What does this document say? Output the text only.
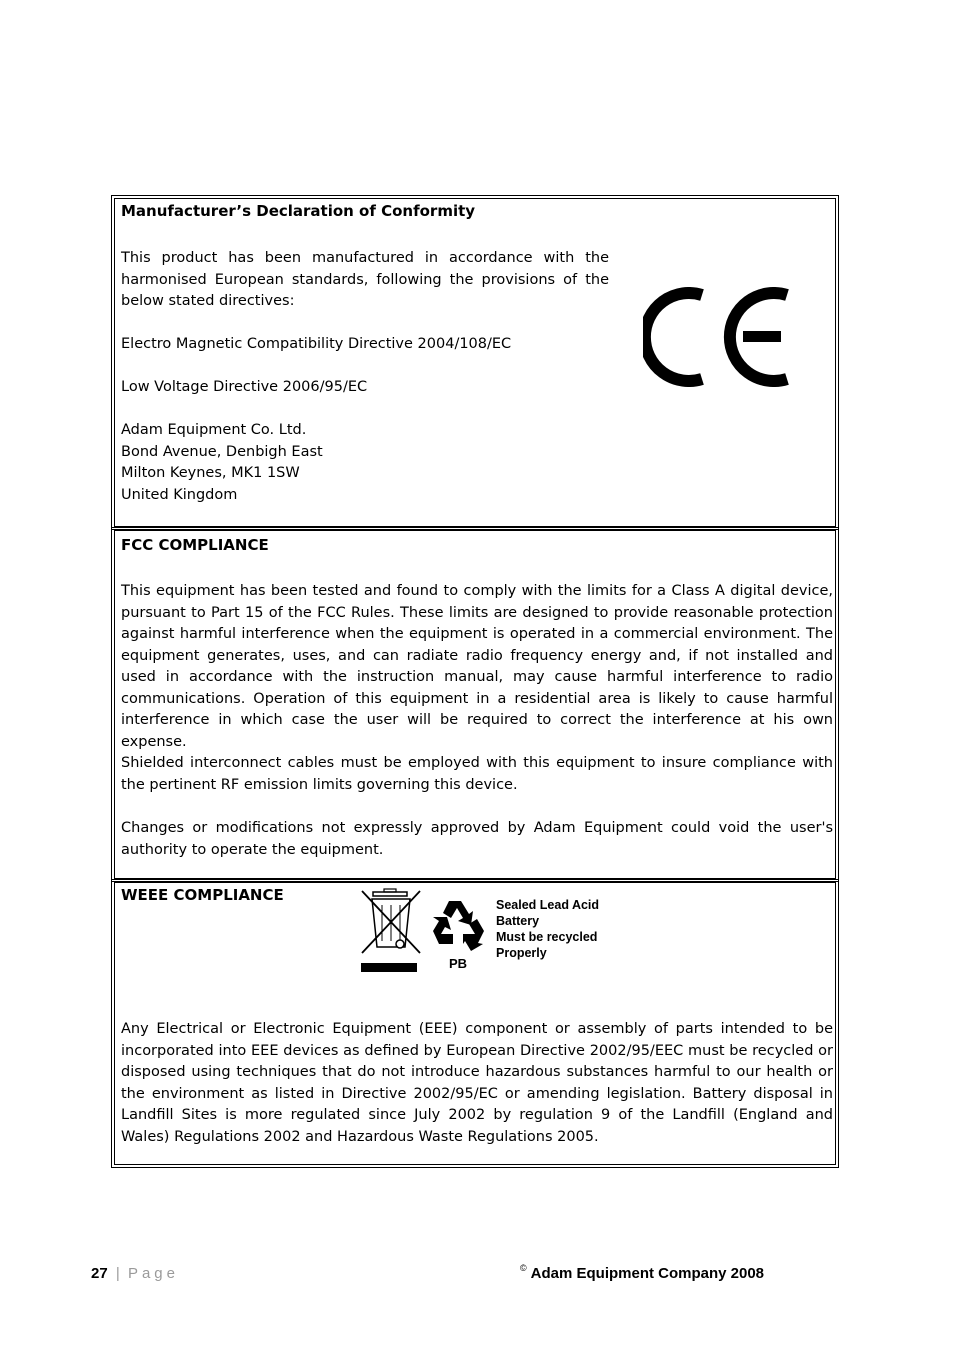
Manufacturer’s Declaration of Conformity
This product has been manufactured in accordance with the harmonised European standards, following the provisions of the below stated directives:
Electro Magnetic Compatibility Directive 2004/108/EC
Low Voltage Directive 2006/95/EC
Adam Equipment Co. Ltd.
Bond Avenue, Denbigh East
Milton Keynes, MK1 1SW
United Kingdom
FCC COMPLIANCE
This equipment has been tested and found to comply with the limits for a Class A digital device, pursuant to Part 15 of the FCC Rules. These limits are designed to provide reasonable protection against harmful interference when the equipment is operated in a commercial environment. The equipment generates, uses, and can radiate radio frequency energy and, if not installed and used in accordance with the instruction manual, may cause harmful interference to radio communications. Operation of this equipment in a residential area is likely to cause harmful interference in which case the user will be required to correct the interference at his own expense.
Shielded interconnect cables must be employed with this equipment to insure compliance with the pertinent RF emission limits governing this device.
Changes or modifications not expressly approved by Adam Equipment could void the user's authority to operate the equipment.
WEEE COMPLIANCE
PB
Sealed Lead Acid
Battery
Must be recycled
Properly
Any Electrical or Electronic Equipment (EEE) component or assembly of parts intended to be incorporated into EEE devices as defined by European Directive 2002/95/EEC must be recycled or disposed using techniques that do not introduce hazardous substances harmful to our health or the environment as listed in Directive 2002/95/EC or amending legislation. Battery disposal in Landfill Sites is more regulated since July 2002 by regulation 9 of the Landfill (England and Wales) Regulations 2002 and Hazardous Waste Regulations 2005.
27 | Page	© Adam Equipment Company 2008
